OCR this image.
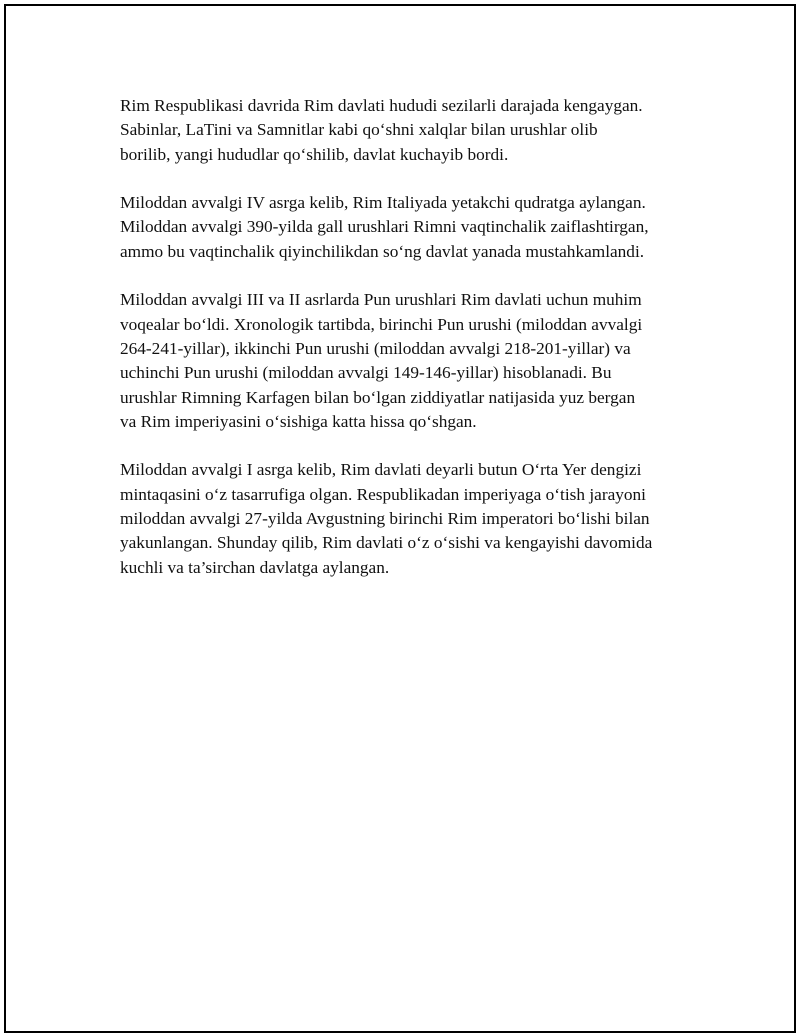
Rim Respublikasi davrida Rim davlati hududi sezilarli darajada kengaygan.
Sabinlar, LaTini va Samnitlar kabi qo‘shni xalqlar bilan urushlar olib
borilib, yangi hududlar qo‘shilib, davlat kuchayib bordi.

Miloddan avvalgi IV asrga kelib, Rim Italiyada yetakchi qudratga aylangan.
Miloddan avvalgi 390-yilda gall urushlari Rimni vaqtinchalik zaiflashtirgan,
ammo bu vaqtinchalik qiyinchilikdan so‘ng davlat yanada mustahkamlandi.

Miloddan avvalgi III va II asrlarda Pun urushlari Rim davlati uchun muhim
voqealar bo‘ldi. Xronologik tartibda, birinchi Pun urushi (miloddan avvalgi
264-241-yillar), ikkinchi Pun urushi (miloddan avvalgi 218-201-yillar) va
uchinchi Pun urushi (miloddan avvalgi 149-146-yillar) hisoblanadi. Bu
urushlar Rimning Karfagen bilan bo‘lgan ziddiyatlar natijasida yuz bergan
va Rim imperiyasini o‘sishiga katta hissa qo‘shgan.

Miloddan avvalgi I asrga kelib, Rim davlati deyarli butun O‘rta Yer dengizi
mintaqasini o‘z tasarrufiga olgan. Respublikadan imperiyaga o‘tish jarayoni
miloddan avvalgi 27-yilda Avgustning birinchi Rim imperatori bo‘lishi bilan
yakunlangan. Shunday qilib, Rim davlati o‘z o‘sishi va kengayishi davomida
kuchli va ta’sirchan davlatga aylangan.
